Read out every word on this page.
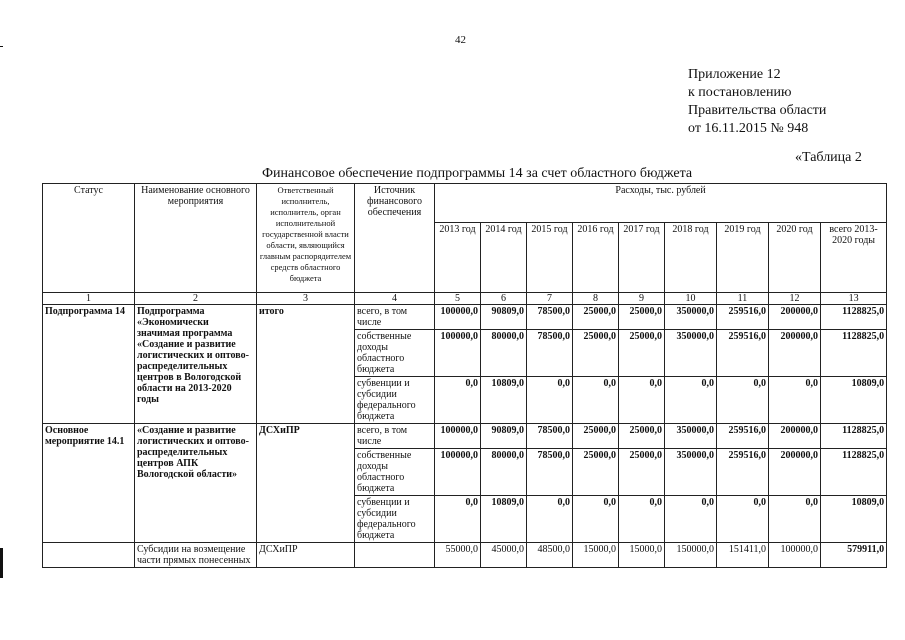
42
Приложение 12
к постановлению
Правительства области
от 16.11.2015 № 948
«Таблица 2
Финансовое обеспечение подпрограммы 14 за счет областного бюджета
Статус	Наименование основного мероприятия	Ответственный исполнитель, исполнитель, орган исполнительной государственной власти области, являющийся главным распорядителем средств областного бюджета	Источник финансового обеспечения	Расходы, тыс. рублей								
				2013 год	2014 год	2015 год	2016 год	2017 год	2018 год	2019 год	2020 год	всего 2013-2020 годы
1	2	3	4	5	6	7	8	9	10	11	12	13
Подпрограмма 14	Подпрограмма «Экономически значимая программа «Создание и развитие логистических и оптово-распределительных центров в Вологодской области на 2013-2020 годы	итого	всего, в том числе	100000,0	90809,0	78500,0	25000,0	25000,0	350000,0	259516,0	200000,0	1128825,0
			собственные доходы областного бюджета	100000,0	80000,0	78500,0	25000,0	25000,0	350000,0	259516,0	200000,0	1128825,0
			субвенции и субсидии федерального бюджета	0,0	10809,0	0,0	0,0	0,0	0,0	0,0	0,0	10809,0
Основное мероприятие 14.1	«Создание и развитие логистических и оптово-распределительных центров АПК Вологодской области»	ДСХиПР	всего, в том числе	100000,0	90809,0	78500,0	25000,0	25000,0	350000,0	259516,0	200000,0	1128825,0
			собственные доходы областного бюджета	100000,0	80000,0	78500,0	25000,0	25000,0	350000,0	259516,0	200000,0	1128825,0
			субвенции и субсидии федерального бюджета	0,0	10809,0	0,0	0,0	0,0	0,0	0,0	0,0	10809,0
	Субсидии на возмещение части прямых понесенных	ДСХиПР		55000,0	45000,0	48500,0	15000,0	15000,0	150000,0	151411,0	100000,0	579911,0
